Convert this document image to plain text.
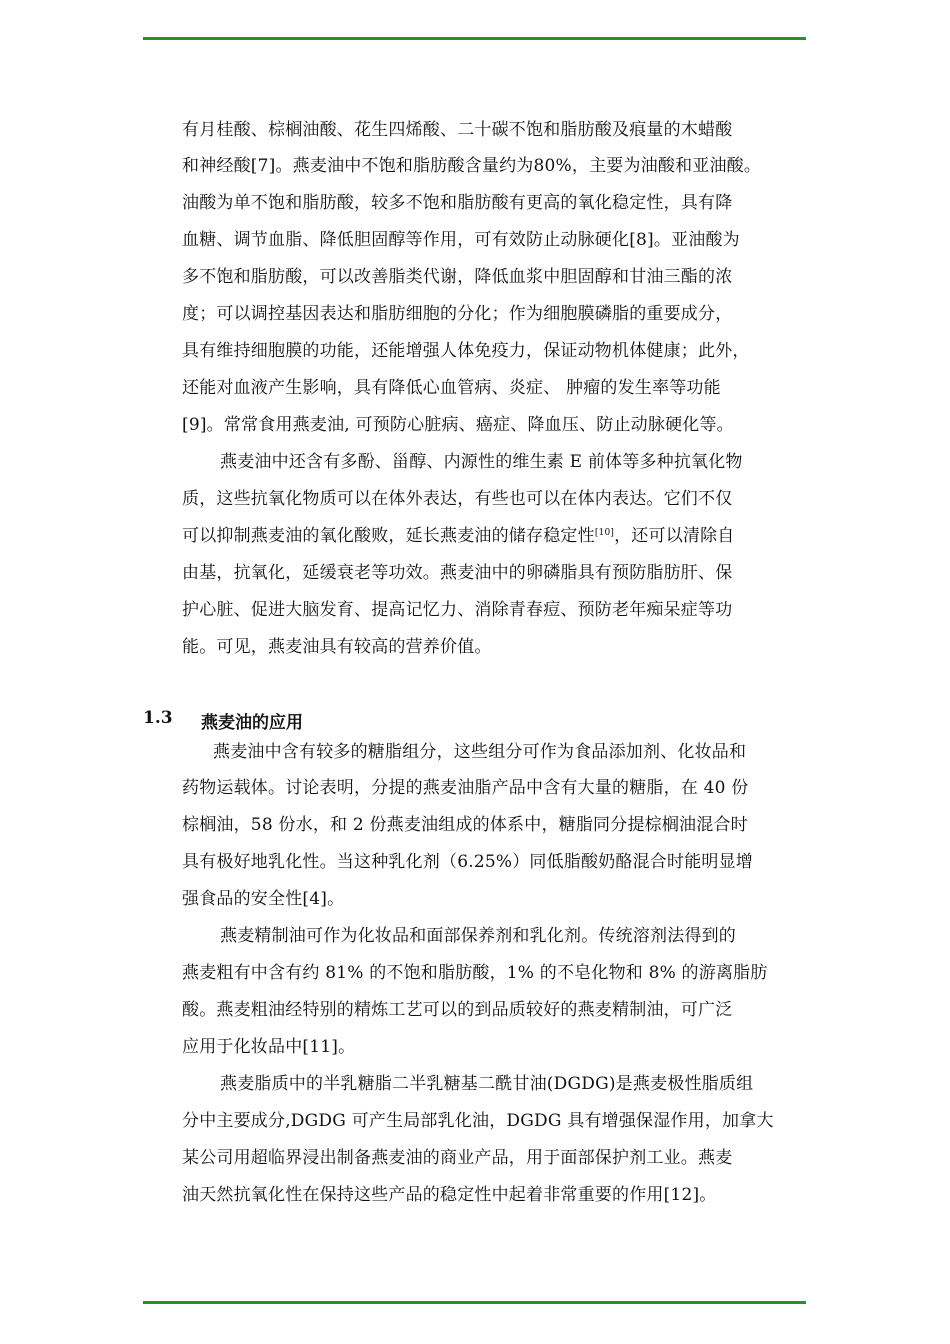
有月桂酸、棕榈油酸、花生四烯酸、二十碳不饱和脂肪酸及痕量的木蜡酸
和神经酸[7]。燕麦油中不饱和脂肪酸含量约为80%，主要为油酸和亚油酸。
油酸为单不饱和脂肪酸，较多不饱和脂肪酸有更高的氧化稳定性，具有降
血糖、调节血脂、降低胆固醇等作用，可有效防止动脉硬化[8]。亚油酸为
多不饱和脂肪酸，可以改善脂类代谢，降低血浆中胆固醇和甘油三酯的浓
度；可以调控基因表达和脂肪细胞的分化；作为细胞膜磷脂的重要成分，
具有维持细胞膜的功能，还能增强人体免疫力，保证动物机体健康；此外，
还能对血液产生影响，具有降低心血管病、炎症、 肿瘤的发生率等功能
[9]。常常食用燕麦油, 可预防心脏病、癌症、降血压、防止动脉硬化等。
燕麦油中还含有多酚、甾醇、内源性的维生素 E 前体等多种抗氧化物
质，这些抗氧化物质可以在体外表达，有些也可以在体内表达。它们不仅
可以抑制燕麦油的氧化酸败，延长燕麦油的储存稳定性[10]，还可以清除自
由基，抗氧化，延缓衰老等功效。燕麦油中的卵磷脂具有预防脂肪肝、保
护心脏、促进大脑发育、提高记忆力、消除青春痘、预防老年痴呆症等功
能。可见，燕麦油具有较高的营养价值。
1.3 燕麦油的应用
燕麦油中含有较多的糖脂组分，这些组分可作为食品添加剂、化妆品和
药物运载体。讨论表明，分提的燕麦油脂产品中含有大量的糖脂，在 40 份
棕榈油，58 份水，和 2 份燕麦油组成的体系中，糖脂同分提棕榈油混合时
具有极好地乳化性。当这种乳化剂（6.25%）同低脂酸奶酪混合时能明显增
强食品的安全性[4]。
燕麦精制油可作为化妆品和面部保养剂和乳化剂。传统溶剂法得到的
燕麦粗有中含有约 81% 的不饱和脂肪酸，1% 的不皂化物和 8% 的游离脂肪
酸。燕麦粗油经特别的精炼工艺可以的到品质较好的燕麦精制油，可广泛
应用于化妆品中[11]。
燕麦脂质中的半乳糖脂二半乳糖基二酰甘油(DGDG)是燕麦极性脂质组
分中主要成分,DGDG 可产生局部乳化油，DGDG 具有增强保湿作用，加拿大
某公司用超临界浸出制备燕麦油的商业产品，用于面部保护剂工业。燕麦
油天然抗氧化性在保持这些产品的稳定性中起着非常重要的作用[12]。
